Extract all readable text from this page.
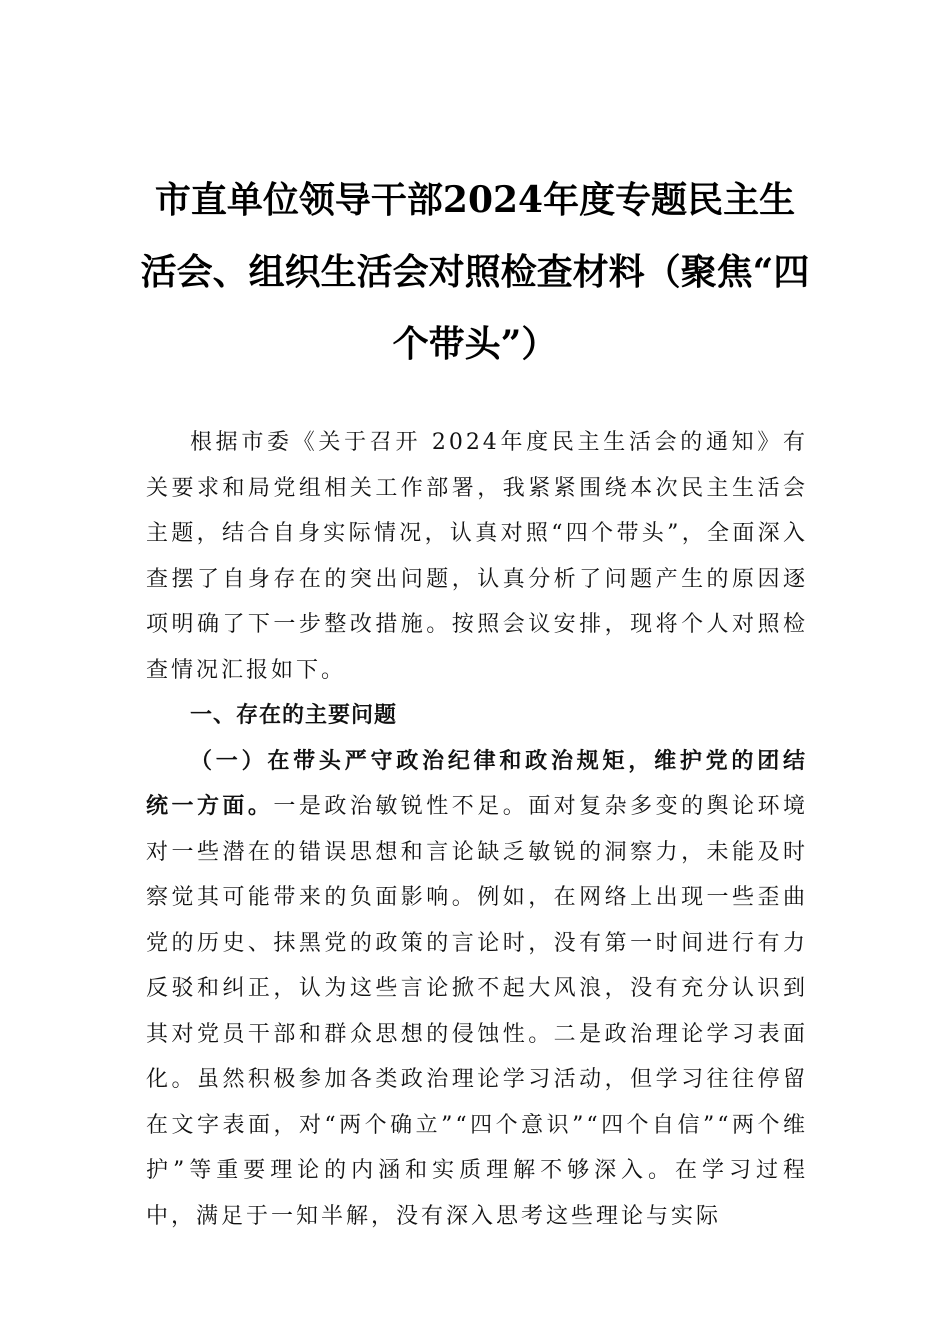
市直单位领导干部2024年度专题民主生活会、组织生活会对照检查材料（聚焦“四个带头”）

根据市委《关于召开 2024年度民主生活会的通知》有关要求和局党组相关工作部署，我紧紧围绕本次民主生活会主题，结合自身实际情况，认真对照“四个带头”，全面深入查摆了自身存在的突出问题，认真分析了问题产生的原因逐项明确了下一步整改措施。按照会议安排，现将个人对照检查情况汇报如下。

一、存在的主要问题

（一）在带头严守政治纪律和政治规矩，维护党的团结统一方面。一是政治敏锐性不足。面对复杂多变的舆论环境对一些潜在的错误思想和言论缺乏敏锐的洞察力，未能及时察觉其可能带来的负面影响。例如，在网络上出现一些歪曲党的历史、抹黑党的政策的言论时，没有第一时间进行有力反驳和纠正，认为这些言论掀不起大风浪，没有充分认识到其对党员干部和群众思想的侵蚀性。二是政治理论学习表面化。虽然积极参加各类政治理论学习活动，但学习往往停留在文字表面，对“两个确立”“四个意识”“四个自信”“两个维护”等重要理论的内涵和实质理解不够深入。在学习过程中，满足于一知半解，没有深入思考这些理论与实际
